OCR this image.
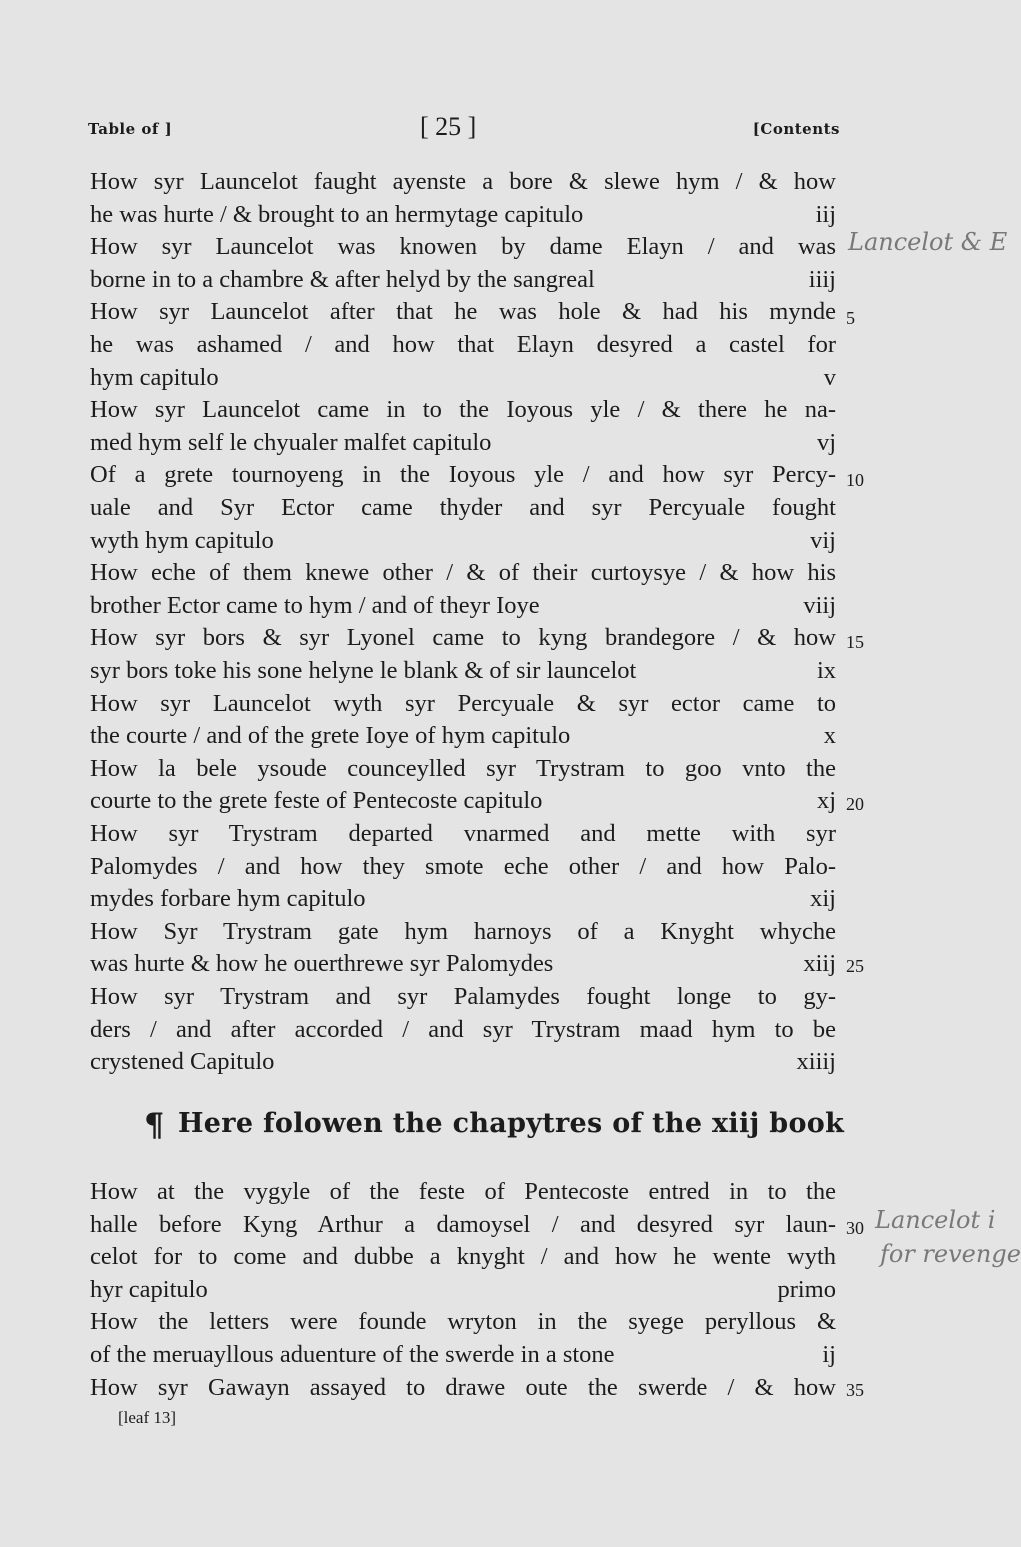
Table of ]	[ 25 ]	[Contents
How syr Launcelot faught ayenste a bore & slewe hym / & how
he was hurte / & brought to an hermytage capitulo	iij
How syr Launcelot was knowen by dame Elayn / and was
borne in to a chambre & after helyd by the sangreal	iiij
How syr Launcelot after that he was hole & had his mynde
he was ashamed / and how that Elayn desyred a castel for
hym capitulo	v
How syr Launcelot came in to the Ioyous yle / & there he na-
med hym self le chyualer malfet capitulo	vj
Of a grete tournoyeng in the Ioyous yle / and how syr Percy-
uale and Syr Ector came thyder and syr Percyuale fought
wyth hym capitulo	vij
How eche of them knewe other / & of their curtoysye / & how his
brother Ector came to hym / and of theyr Ioye	viij
How syr bors & syr Lyonel came to kyng brandegore / & how
syr bors toke his sone helyne le blank & of sir launcelot	ix
How syr Launcelot wyth syr Percyuale & syr ector came to
the courte / and of the grete Ioye of hym capitulo	x
How la bele ysoude counceylled syr Trystram to goo vnto the
courte to the grete feste of Pentecoste capitulo	xj
How syr Trystram departed vnarmed and mette with syr
Palomydes / and how they smote eche other / and how Palo-
mydes forbare hym capitulo	xij
How Syr Trystram gate hym harnoys of a Knyght whyche
was hurte & how he ouerthrewe syr Palomydes	xiij
How syr Trystram and syr Palamydes fought longe to gy-
ders / and after accorded / and syr Trystram maad hym to be
crystened Capitulo	xiiij
¶ Here folowen the chapytres of the xiij book
How at the vygyle of the feste of Pentecoste entred in to the
halle before Kyng Arthur a damoysel / and desyred syr laun-
celot for to come and dubbe a knyght / and how he wente wyth
hyr capitulo	primo
How the letters were founde wryton in the syege peryllous &
of the meruayllous aduenture of the swerde in a stone	ij
How syr Gawayn assayed to drawe oute the swerde / & how
5
10
15
20
25
30
35
[leaf 13]
Lancelot & E
Lancelot i
for revenge
